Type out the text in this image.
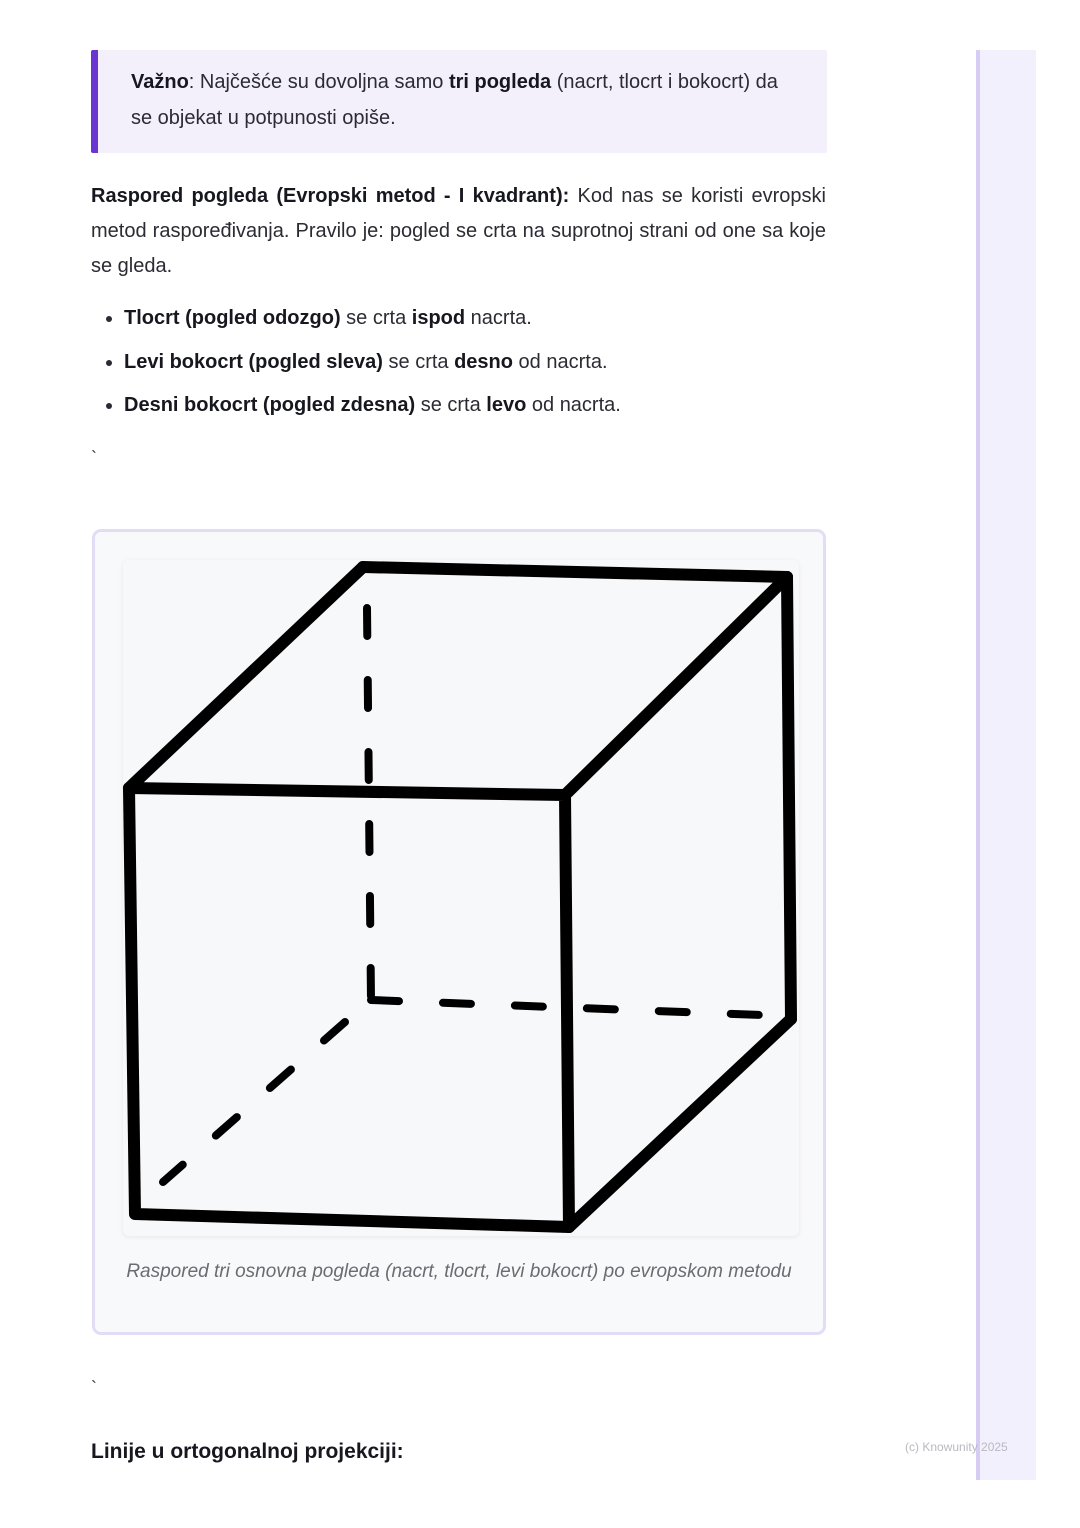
Važno: Najčešće su dovoljna samo tri pogleda (nacrt, tlocrt i bokocrt) da se objekat u potpunosti opiše.

Raspored pogleda (Evropski metod - I kvadrant): Kod nas se koristi evropski metod raspoređivanja. Pravilo je: pogled se crta na suprotnoj strani od one sa koje se gleda.

• Tlocrt (pogled odozgo) se crta ispod nacrta.
• Levi bokocrt (pogled sleva) se crta desno od nacrta.
• Desni bokocrt (pogled zdesna) se crta levo od nacrta.
`
Raspored tri osnovna pogleda (nacrt, tlocrt, levi bokocrt) po evropskom metodu
`
Linije u ortogonalnoj projekciji:	(c) Knowunity 2025
